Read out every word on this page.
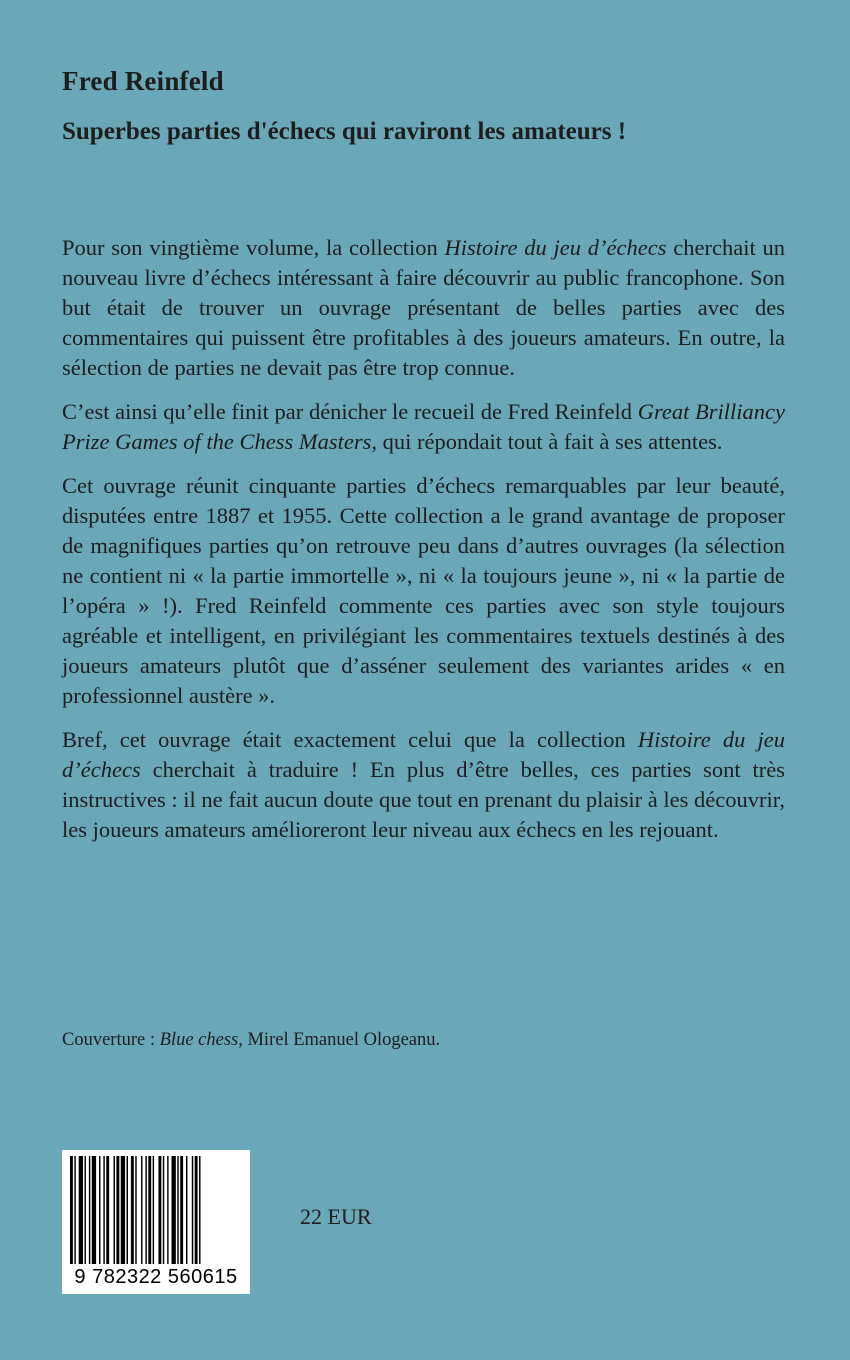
Fred Reinfeld
Superbes parties d'échecs qui raviront les amateurs !

Pour son vingtième volume, la collection Histoire du jeu d’échecs cherchait un nouveau livre d’échecs intéressant à faire découvrir au public francophone. Son but était de trouver un ouvrage présentant de belles parties avec des commentaires qui puissent être profitables à des joueurs amateurs. En outre, la sélection de parties ne devait pas être trop connue.

C’est ainsi qu’elle finit par dénicher le recueil de Fred Reinfeld Great Brilliancy Prize Games of the Chess Masters, qui répondait tout à fait à ses attentes.

Cet ouvrage réunit cinquante parties d’échecs remarquables par leur beauté, disputées entre 1887 et 1955. Cette collection a le grand avantage de proposer de magnifiques parties qu’on retrouve peu dans d’autres ouvrages (la sélection ne contient ni « la partie immortelle », ni « la toujours jeune », ni « la partie de l’opéra » !). Fred Reinfeld commente ces parties avec son style toujours agréable et intelligent, en privilégiant les commentaires textuels destinés à des joueurs amateurs plutôt que d’asséner seulement des variantes arides « en professionnel austère ».

Bref, cet ouvrage était exactement celui que la collection Histoire du jeu d’échecs cherchait à traduire ! En plus d’être belles, ces parties sont très instructives : il ne fait aucun doute que tout en prenant du plaisir à les découvrir, les joueurs amateurs amélioreront leur niveau aux échecs en les rejouant.

Couverture : Blue chess, Mirel Emanuel Ologeanu.

9 782322 560615

22 EUR
